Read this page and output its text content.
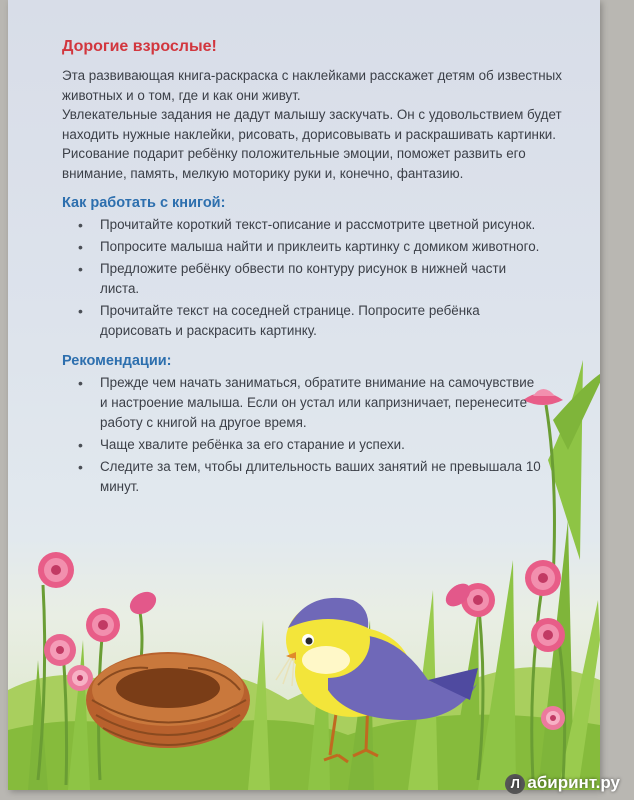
Дорогие взрослые!

Эта развивающая книга-раскраска с наклейками расскажет детям об известных животных и о том, где и как они живут.

Увлекательные задания не дадут малышу заскучать. Он с удовольствием будет находить нужные наклейки, рисовать, дорисовывать и раскрашивать картинки.

Рисование подарит ребёнку положительные эмоции, поможет развить его внимание, память, мелкую моторику руки и, конечно, фантазию.

Как работать с книгой:
• Прочитайте короткий текст-описание и рассмотрите цветной рисунок.
• Попросите малыша найти и приклеить картинку с домиком животного.
• Предложите ребёнку обвести по контуру рисунок в нижней части листа.
• Прочитайте текст на соседней странице. Попросите ребёнка дорисовать и раскрасить картинку.
Рекомендации:
• Прежде чем начать заниматься, обратите внимание на самочувствие и настроение малыша. Если он устал или капризничает, перенесите работу с книгой на другое время.
• Чаще хвалите ребёнка за его старание и успехи.
• Следите за тем, чтобы длительность ваших занятий не превышала 10 минут.
Л абиринт.ру
